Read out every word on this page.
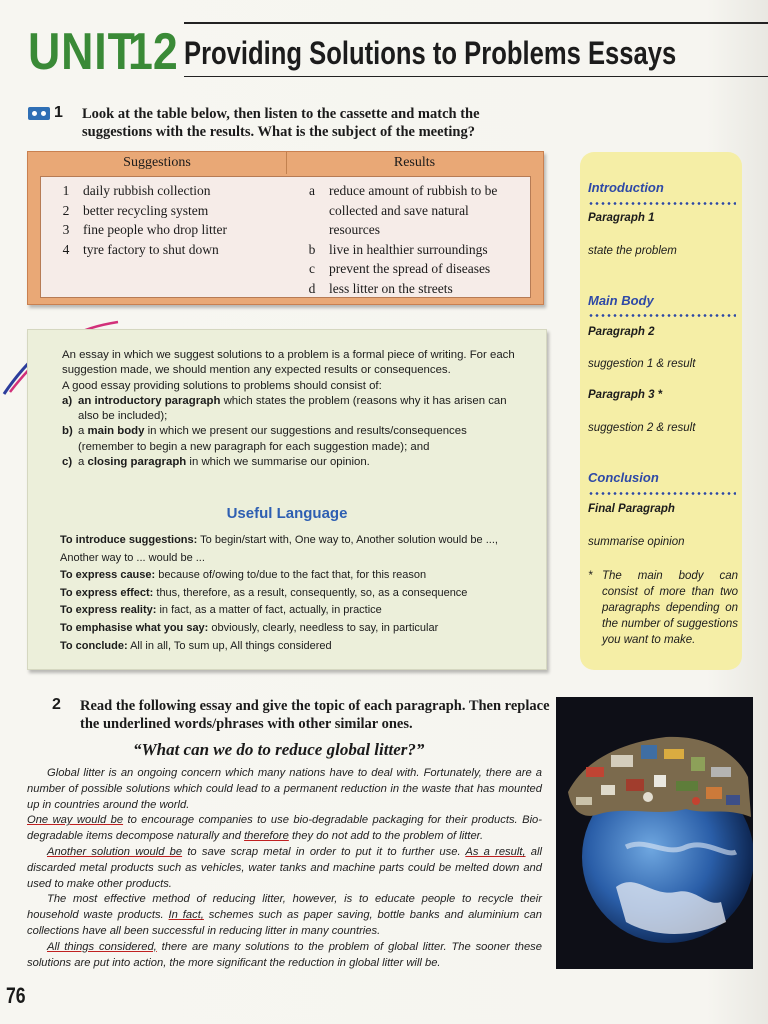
UNIT
12 Providing Solutions to Problems Essays
1 Look at the table below, then listen to the cassette and match the
suggestions with the results. What is the subject of the meeting?
Suggestions	Results
1 daily rubbish collection
2 better recycling system
3 fine people who drop litter
4 tyre factory to shut down
a reduce amount of rubbish to be collected and save natural resources
b live in healthier surroundings
c prevent the spread of diseases
d less litter on the streets
Introduction
Paragraph 1
state the problem
Main Body
Paragraph 2
suggestion 1 & result
Paragraph 3 *
suggestion 2 & result
Conclusion
Final Paragraph
summarise opinion
* The main body can consist of more than two paragraphs depending on the number of suggestions you want to make.

An essay in which we suggest solutions to a problem is a formal piece of writing. For each suggestion made, we should mention any expected results or consequences.

A good essay providing solutions to problems should consist of:

a) an introductory paragraph which states the problem (reasons why it has arisen can also be included);
b) a main body in which we present our suggestions and results/consequences
(remember to begin a new paragraph for each suggestion made); and
c) a closing paragraph in which we summarise our opinion.
Useful Language
To introduce suggestions: To begin/start with, One way to, Another solution would be ..., Another way to ... would be ...
To express cause: because of/owing to/due to the fact that, for this reason
To express effect: thus, therefore, as a result, consequently, so, as a consequence
To express reality: in fact, as a matter of fact, actually, in practice
To emphasise what you say: obviously, clearly, needless to say, in particular
To conclude: All in all, To sum up, All things considered
2 Read the following essay and give the topic of each paragraph. Then replace
the underlined words/phrases with other similar ones.
“What can we do to reduce global litter?”

Global litter is an ongoing concern which many nations have to deal with. Fortunately, there are a number of possible solutions which could lead to a permanent reduction in the waste that has mounted up in countries around the world.

One way would be to encourage companies to use bio-degradable packaging for their products. Bio-degradable items decompose naturally and therefore they do not add to the problem of litter.

Another solution would be to save scrap metal in order to put it to further use. As a result, all discarded metal products such as vehicles, water tanks and machine parts could be melted down and used to make other products.

The most effective method of reducing litter, however, is to educate people to recycle their household waste products. In fact, schemes such as paper saving, bottle banks and aluminium can collections have all been successful in reducing litter in many countries.

All things considered, there are many solutions to the problem of global litter. The sooner these solutions are put into action, the more significant the reduction in global litter will be.

76
